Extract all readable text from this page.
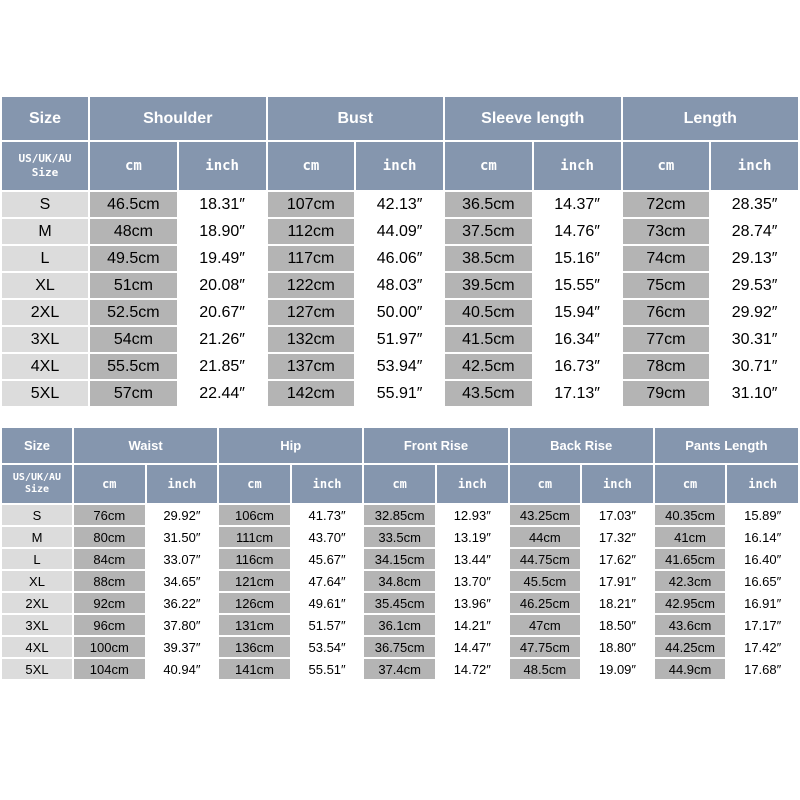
Size	Shoulder		Bust		Sleeve length		Length	
US/UK/AU
Size	cm	inch	cm	inch	cm	inch	cm	inch
S	46.5cm	18.31″	107cm	42.13″	36.5cm	14.37″	72cm	28.35″
M	48cm	18.90″	112cm	44.09″	37.5cm	14.76″	73cm	28.74″
L	49.5cm	19.49″	117cm	46.06″	38.5cm	15.16″	74cm	29.13″
XL	51cm	20.08″	122cm	48.03″	39.5cm	15.55″	75cm	29.53″
2XL	52.5cm	20.67″	127cm	50.00″	40.5cm	15.94″	76cm	29.92″
3XL	54cm	21.26″	132cm	51.97″	41.5cm	16.34″	77cm	30.31″
4XL	55.5cm	21.85″	137cm	53.94″	42.5cm	16.73″	78cm	30.71″
5XL	57cm	22.44″	142cm	55.91″	43.5cm	17.13″	79cm	31.10″
Size	Waist		Hip		Front Rise		Back Rise		Pants Length	
US/UK/AU
Size	cm	inch	cm	inch	cm	inch	cm	inch	cm	inch
S	76cm	29.92″	106cm	41.73″	32.85cm	12.93″	43.25cm	17.03″	40.35cm	15.89″
M	80cm	31.50″	111cm	43.70″	33.5cm	13.19″	44cm	17.32″	41cm	16.14″
L	84cm	33.07″	116cm	45.67″	34.15cm	13.44″	44.75cm	17.62″	41.65cm	16.40″
XL	88cm	34.65″	121cm	47.64″	34.8cm	13.70″	45.5cm	17.91″	42.3cm	16.65″
2XL	92cm	36.22″	126cm	49.61″	35.45cm	13.96″	46.25cm	18.21″	42.95cm	16.91″
3XL	96cm	37.80″	131cm	51.57″	36.1cm	14.21″	47cm	18.50″	43.6cm	17.17″
4XL	100cm	39.37″	136cm	53.54″	36.75cm	14.47″	47.75cm	18.80″	44.25cm	17.42″
5XL	104cm	40.94″	141cm	55.51″	37.4cm	14.72″	48.5cm	19.09″	44.9cm	17.68″
